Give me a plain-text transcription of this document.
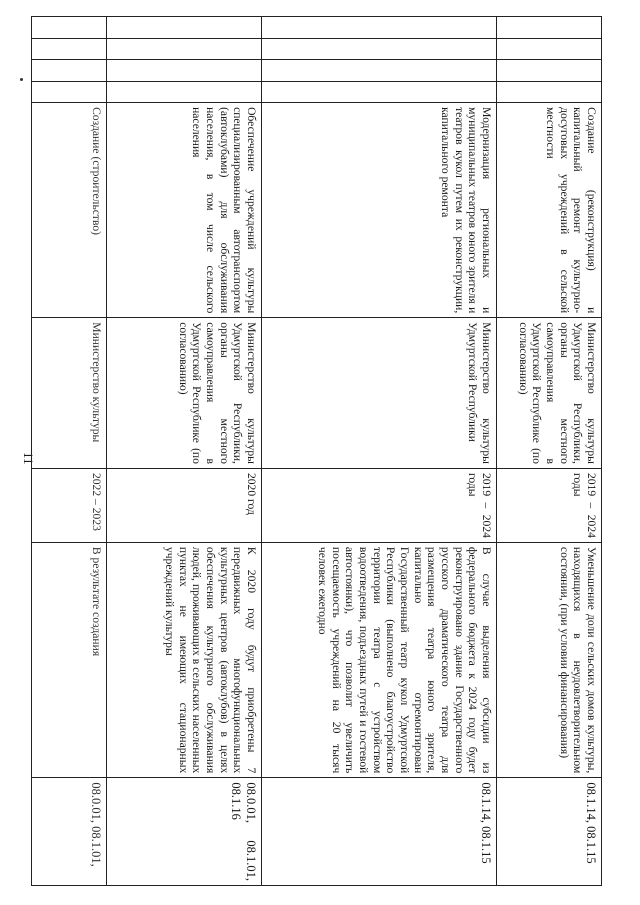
11
				Создание (реконструкция) и капитальный ремонт культурно-досуговых учреждений в сельской местности	Министерство культуры Удмуртской Республики, органы местного самоуправления в Удмуртской Республике (по согласованию)	2019 – 2024 годы	Уменьшение доли сельских домов культуры, находящихся в неудовлетворительном состоянии, (при условии финансирования)	08.1.14, 08.1.15
				Модернизация региональных и муниципальных театров юного зрителя и театров кукол путем их реконструкции, капитального ремонта	Министерство культуры Удмуртской Республики	2019 – 2024 годы	В случае выделения субсидии из федерального бюджета к 2024 году будет реконструировано здание Государственного русского драматического театра для размещения театра юного зрителя, капитально отремонтирован Государственный театр кукол Удмуртской Республики (выполнено благоустройство территории театра с устройством водоотведения, подъездных путей и гостевой автостоянки), что позволит увеличить посещаемость учреждений на 20 тысяч человек ежегодно	08.1.14, 08.1.15
				Обеспечение учреждений культуры специализированным автотранспортом (автоклубами) для обслуживания населения, в том числе сельского населения	Министерство культуры Удмуртской Республики, органы местного самоуправления в Удмуртской Республике (по согласованию)	2020 год	К 2020 году будут приобретены 7 передвижных многофункциональных культурных центров (автоклубов) в целях обеспечения культурного обслуживания людей, проживающих в сельских населенных пунктах не имеющих стационарных учреждений культуры	08.0.01, 08.1.01, 08.1.16
				Создание (строительство)	Министерство культуры	2022 – 2023	В результате создания	08.0.01, 08.1.01,
